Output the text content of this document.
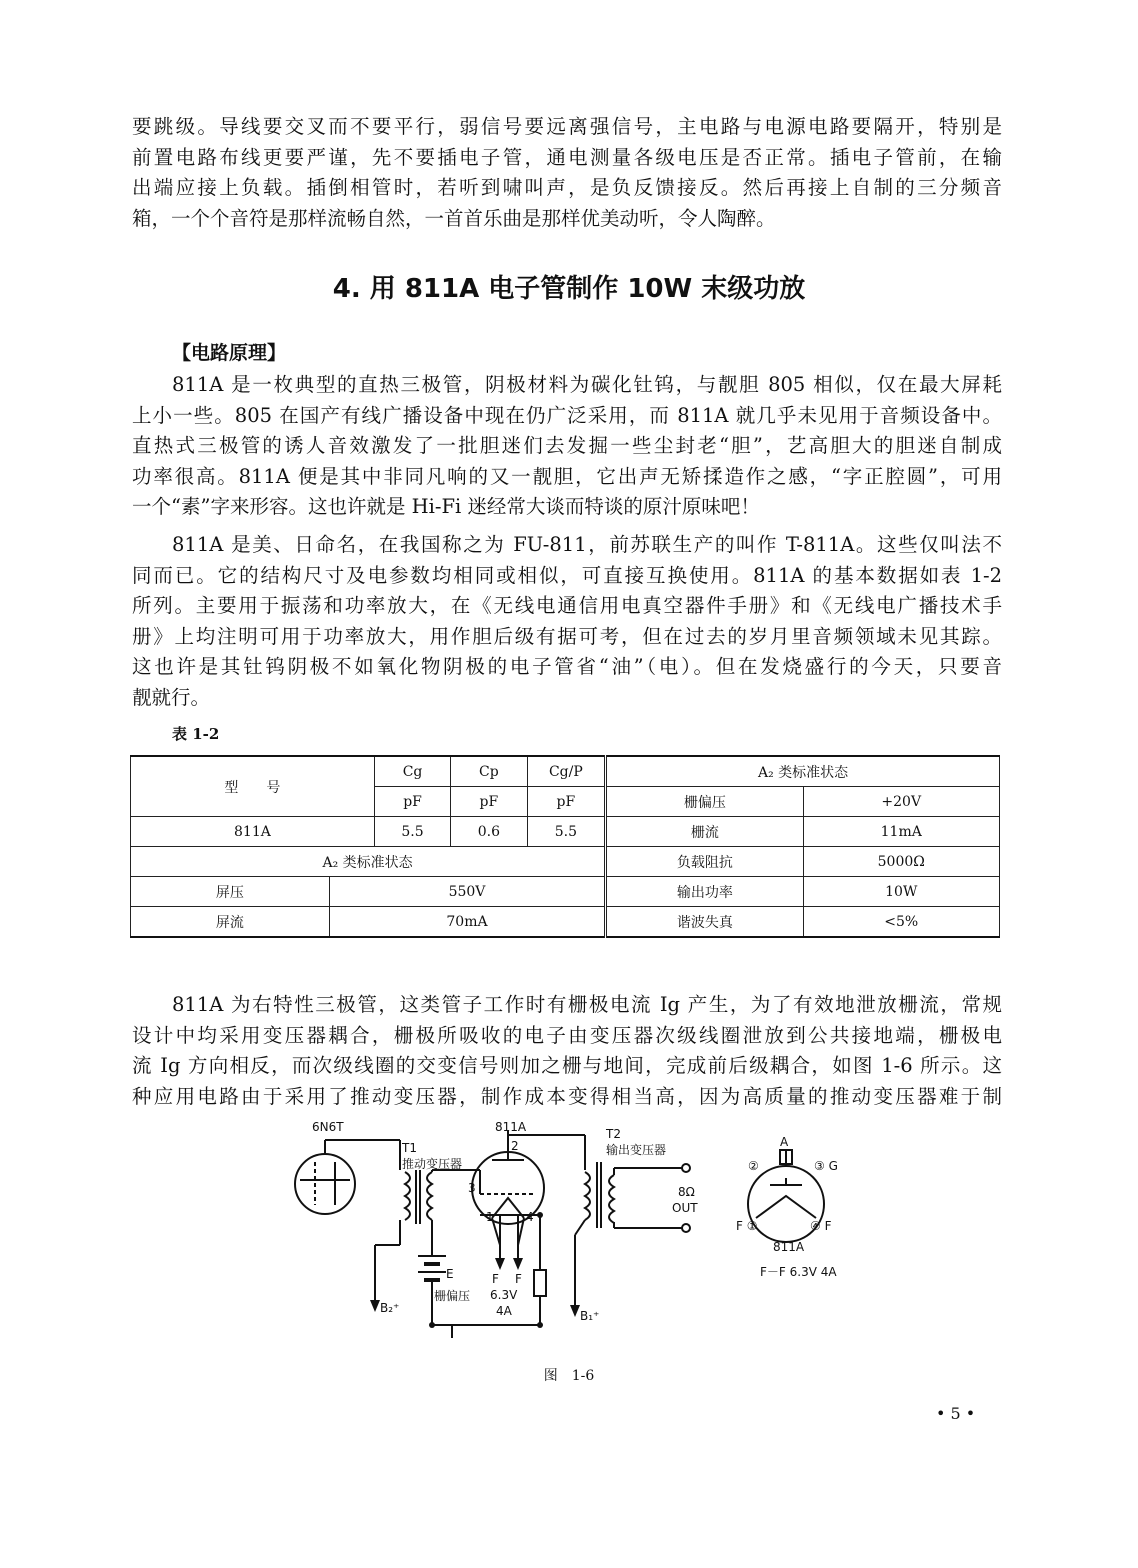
要跳级。导线要交叉而不要平行，弱信号要远离强信号，主电路与电源电路要隔开，特别是
前置电路布线更要严谨，先不要插电子管，通电测量各级电压是否正常。插电子管前，在输
出端应接上负载。插倒相管时，若听到啸叫声，是负反馈接反。然后再接上自制的三分频音
箱，一个个音符是那样流畅自然，一首首乐曲是那样优美动听，令人陶醉。
4. 用 811A 电子管制作 10W 末级功放

【电路原理】

811A 是一枚典型的直热三极管，阴极材料为碳化钍钨，与靓胆 805 相似，仅在最大屏耗
上小一些。805 在国产有线广播设备中现在仍广泛采用，而 811A 就几乎未见用于音频设备中。
直热式三极管的诱人音效激发了一批胆迷们去发掘一些尘封老“胆”，艺高胆大的胆迷自制成
功率很高。811A 便是其中非同凡响的又一靓胆，它出声无矫揉造作之感，“字正腔圆”，可用
一个“素”字来形容。这也许就是 Hi-Fi 迷经常大谈而特谈的原汁原味吧！
811A 是美、日命名，在我国称之为 FU-811，前苏联生产的叫作 T-811A。这些仅叫法不
同而已。它的结构尺寸及电参数均相同或相似，可直接互换使用。811A 的基本数据如表 1-2
所列。主要用于振荡和功率放大，在《无线电通信用电真空器件手册》和《无线电广播技术手
册》上均注明可用于功率放大，用作胆后级有据可考，但在过去的岁月里音频领域未见其踪。
这也许是其钍钨阴极不如氧化物阴极的电子管省“油”（电）。但在发烧盛行的今天，只要音
靓就行。

表 1-2

型　　号		Cg	Cp	Cg/P	A₂ 类标准状态	
		pF	pF	pF	栅偏压	+20V
811A		5.5	0.6	5.5	栅流	11mA
A₂ 类标准状态					负载阻抗	5000Ω
屏压	550V				输出功率	10W
屏流	70mA				谐波失真	<5%
811A 为右特性三极管，这类管子工作时有栅极电流 Ig 产生，为了有效地泄放栅流，常规
设计中均采用变压器耦合，栅极所吸收的电子由变压器次级线圈泄放到公共接地端，栅极电
流 Ig 方向相反，而次级线圈的交变信号则加之栅与地间，完成前后级耦合，如图 1-6 所示。这
种应用电路由于采用了推动变压器，制作成本变得相当高，因为高质量的推动变压器难于制
6N6T
T1
推动变压器
811A	T2
输出变压器
2
3
1	4
8Ω
OUT
E
栅偏压
F F
6.3V
4A
B₂⁺
B₁⁺
A
③ G
②
F ①	④ F
811A
F－F 6.3V 4A

图　1-6

• 5 •
